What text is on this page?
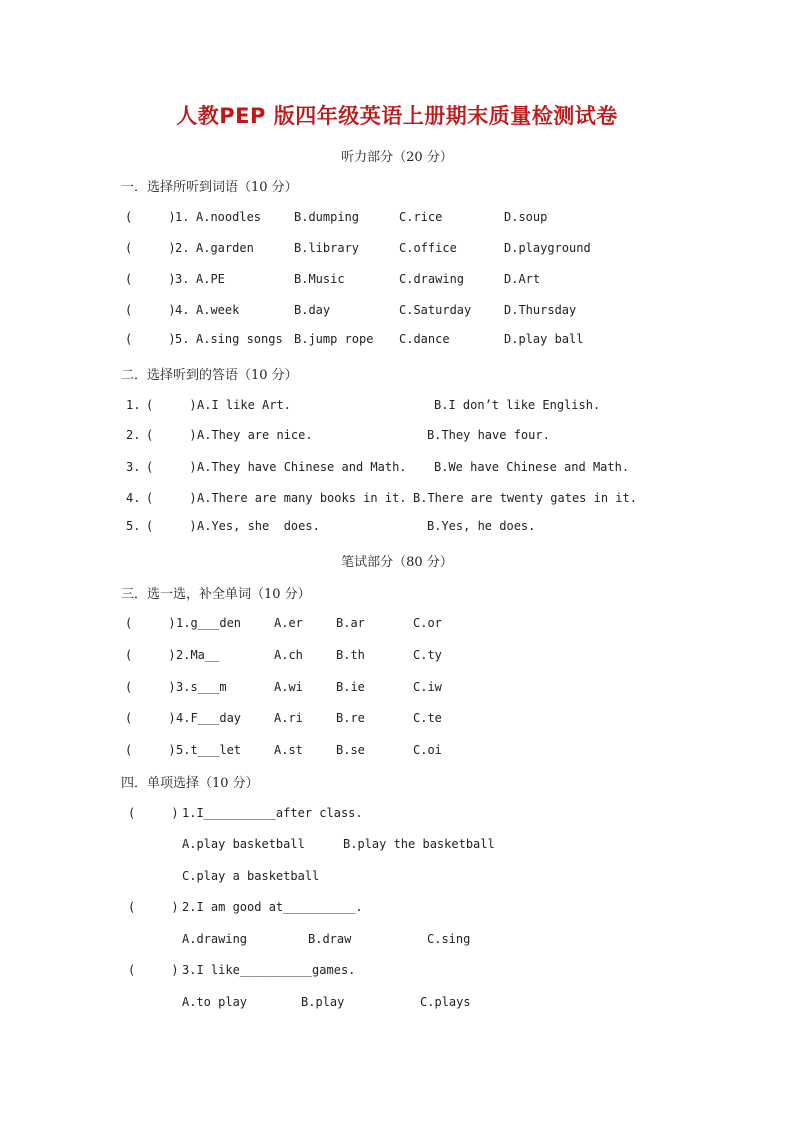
人教PEP 版四年级英语上册期末质量检测试卷
听力部分（20 分）
一．选择所听到词语（10 分）
(     ) 1. A.noodles	B.dumping	C.rice	D.soup
(     ) 2. A.garden	B.library	C.office	D.playground
(     ) 3. A.PE	B.Music	C.drawing	D.Art
(     ) 4. A.week	B.day	C.Saturday	D.Thursday
(     ) 5. A.sing songs B.jump rope C.dance	D.play ball
二．选择听到的答语（10 分）
1. (     ) A.I like Art.	B.I don’t like English.
2. (     ) A.They are nice.	B.They have four.
3. (     ) A.They have Chinese and Math. B.We have Chinese and Math.
4. (     ) A.There are many books in it. B.There are twenty gates in it.
5. (     ) A.Yes, she  does.	B.Yes, he does.
笔试部分（80 分）
三．选一选，补全单词（10 分）
(     ) 1.g___den	A.er	B.ar	C.or
(     ) 2.Ma__	A.ch	B.th	C.ty
(     ) 3.s___m	A.wi	B.ie	C.iw
(     ) 4.F___day	A.ri	B.re	C.te
(     ) 5.t___let	A.st	B.se	C.oi
四．单项选择（10 分）
(     ) 1.I__________after class.
A.play basketball	B.play the basketball
C.play a basketball
(     ) 2.I am good at__________.
A.drawing	B.draw	C.sing
(     ) 3.I like__________games.
A.to play	B.play	C.plays
